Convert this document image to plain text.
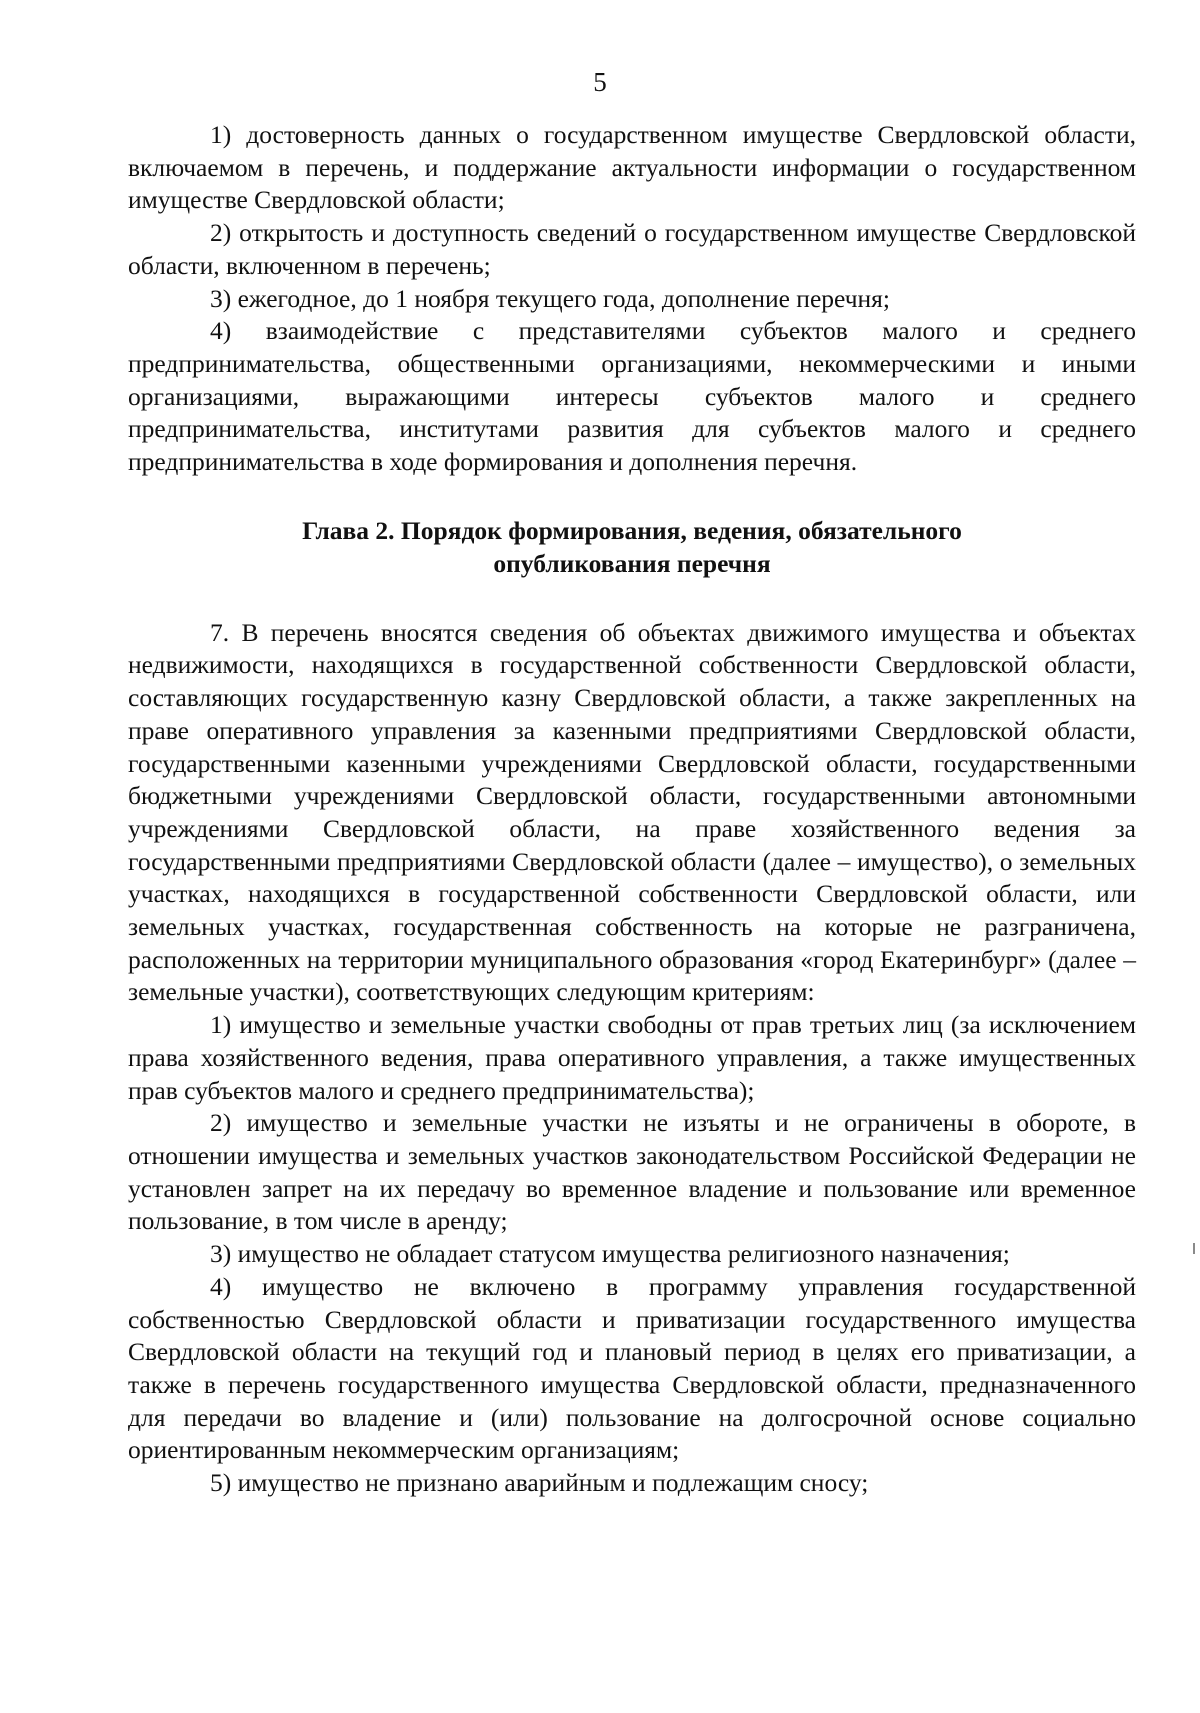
5

1) достоверность данных о государственном имуществе Свердловской области, включаемом в перечень, и поддержание актуальности информации о государственном имуществе Свердловской области;

2) открытость и доступность сведений о государственном имуществе Свердловской области, включенном в перечень;

3) ежегодное, до 1 ноября текущего года, дополнение перечня;

4) взаимодействие с представителями субъектов малого и среднего предпринимательства, общественными организациями, некоммерческими и иными организациями, выражающими интересы субъектов малого и среднего предпринимательства, институтами развития для субъектов малого и среднего предпринимательства в ходе формирования и дополнения перечня.

Глава 2. Порядок формирования, ведения, обязательного
опубликования перечня

7. В перечень вносятся сведения об объектах движимого имущества и объектах недвижимости, находящихся в государственной собственности Свердловской области, составляющих государственную казну Свердловской области, а также закрепленных на праве оперативного управления за казенными предприятиями Свердловской области, государственными казенными учреждениями Свердловской области, государственными бюджетными учреждениями Свердловской области, государственными автономными учреждениями Свердловской области, на праве хозяйственного ведения за государственными предприятиями Свердловской области (далее – имущество), о земельных участках, находящихся в государственной собственности Свердловской области, или земельных участках, государственная собственность на которые не разграничена, расположенных на территории муниципального образования «город Екатеринбург» (далее – земельные участки), соответствующих следующим критериям:

1) имущество и земельные участки свободны от прав третьих лиц (за исключением права хозяйственного ведения, права оперативного управления, а также имущественных прав субъектов малого и среднего предпринимательства);

2) имущество и земельные участки не изъяты и не ограничены в обороте, в отношении имущества и земельных участков законодательством Российской Федерации не установлен запрет на их передачу во временное владение и пользование или временное пользование, в том числе в аренду;

3) имущество не обладает статусом имущества религиозного назначения;

4) имущество не включено в программу управления государственной собственностью Свердловской области и приватизации государственного имущества Свердловской области на текущий год и плановый период в целях его приватизации, а также в перечень государственного имущества Свердловской области, предназначенного для передачи во владение и (или) пользование на долгосрочной основе социально ориентированным некоммерческим организациям;

5) имущество не признано аварийным и подлежащим сносу;
